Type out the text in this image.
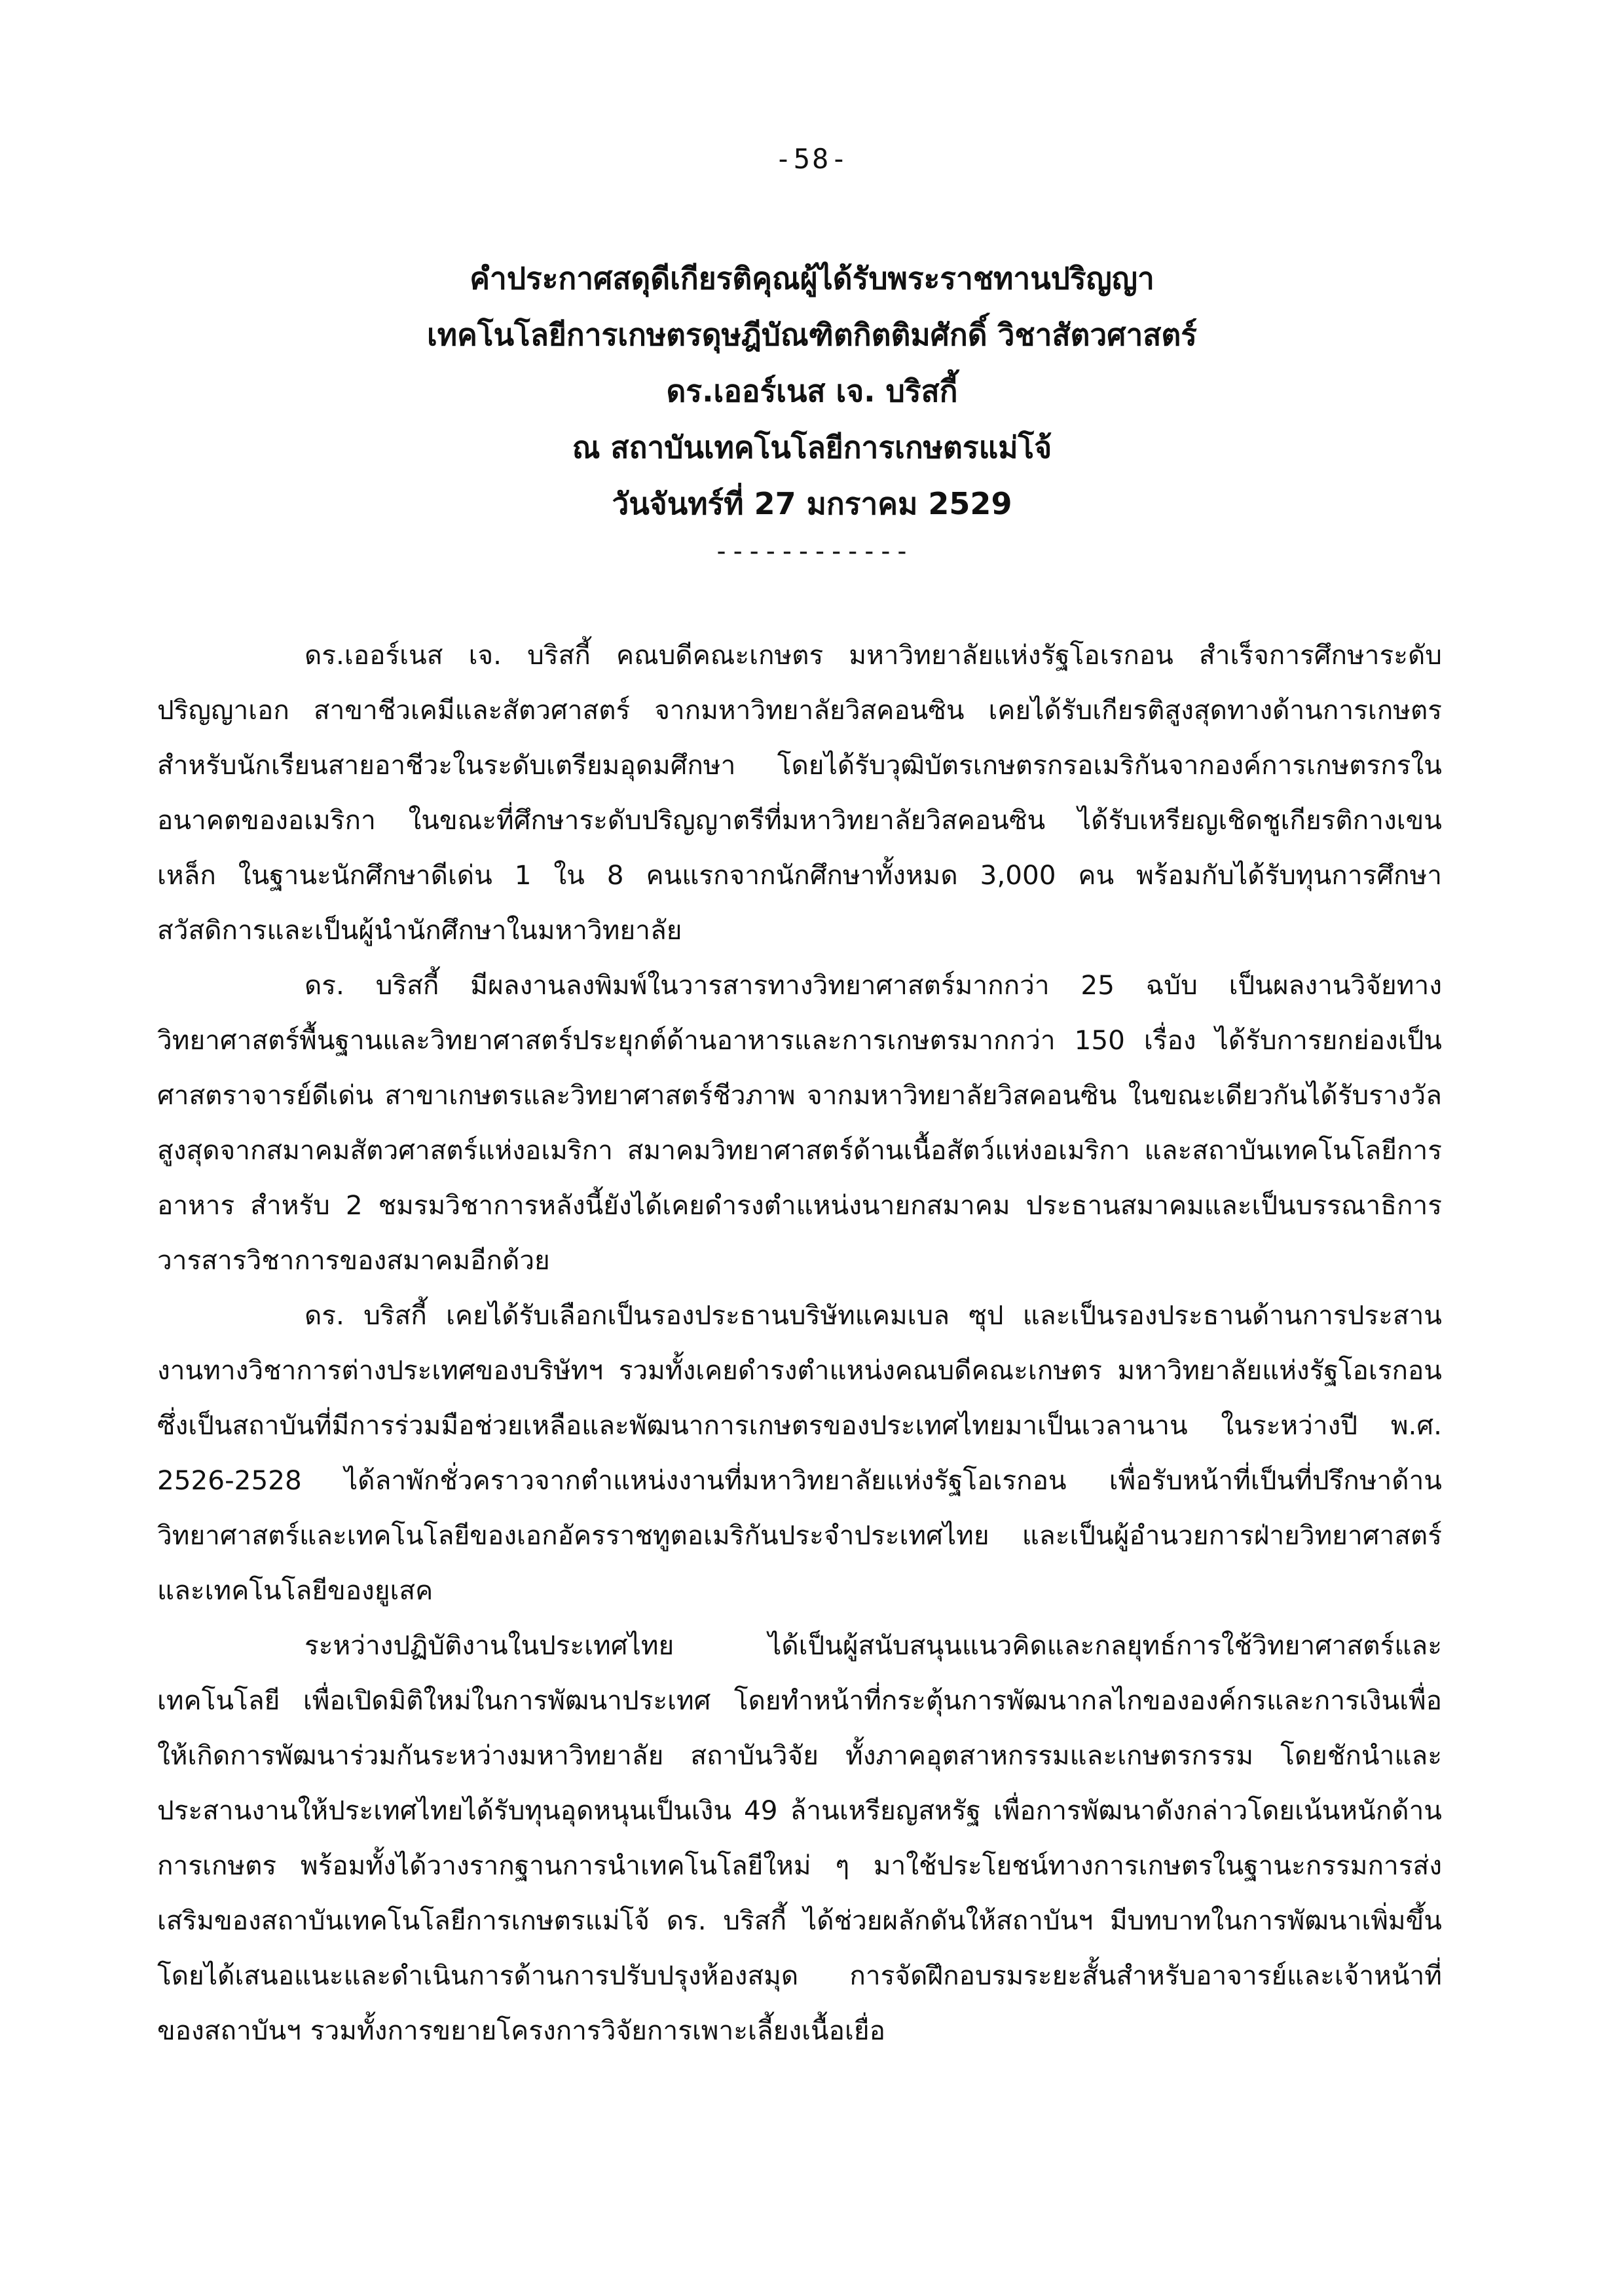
-58-
คำประกาศสดุดีเกียรติคุณผู้ได้รับพระราชทานปริญญา
เทคโนโลยีการเกษตรดุษฎีบัณฑิตกิตติมศักดิ์ วิชาสัตวศาสตร์
ดร.เออร์เนส เจ. บริสกี้
ณ สถาบันเทคโนโลยีการเกษตรแม่โจ้
วันจันทร์ที่ 27 มกราคม 2529
------------

ดร.เออร์เนส เจ. บริสกี้ คณบดีคณะเกษตร มหาวิทยาลัยแห่งรัฐโอเรกอน สำเร็จการศึกษาระดับปริญญาเอก สาขาชีวเคมีและสัตวศาสตร์ จากมหาวิทยาลัยวิสคอนซิน เคยได้รับเกียรติสูงสุดทางด้านการเกษตรสำหรับนักเรียนสายอาชีวะในระดับเตรียมอุดมศึกษา โดยได้รับวุฒิบัตรเกษตรกรอเมริกันจากองค์การเกษตรกรในอนาคตของอเมริกา ในขณะที่ศึกษาระดับปริญญาตรีที่มหาวิทยาลัยวิสคอนซิน ได้รับเหรียญเชิดชูเกียรติกางเขนเหล็ก ในฐานะนักศึกษาดีเด่น 1 ใน 8 คนแรกจากนักศึกษาทั้งหมด 3,000 คน พร้อมกับได้รับทุนการศึกษาสวัสดิการและเป็นผู้นำนักศึกษาในมหาวิทยาลัย

ดร. บริสกี้ มีผลงานลงพิมพ์ในวารสารทางวิทยาศาสตร์มากกว่า 25 ฉบับ เป็นผลงานวิจัยทางวิทยาศาสตร์พื้นฐานและวิทยาศาสตร์ประยุกต์ด้านอาหารและการเกษตรมากกว่า 150 เรื่อง ได้รับการยกย่องเป็นศาสตราจารย์ดีเด่น สาขาเกษตรและวิทยาศาสตร์ชีวภาพ จากมหาวิทยาลัยวิสคอนซิน ในขณะเดียวกันได้รับรางวัลสูงสุดจากสมาคมสัตวศาสตร์แห่งอเมริกา สมาคมวิทยาศาสตร์ด้านเนื้อสัตว์แห่งอเมริกา และสถาบันเทคโนโลยีการอาหาร สำหรับ 2 ชมรมวิชาการหลังนี้ยังได้เคยดำรงตำแหน่งนายกสมาคม ประธานสมาคมและเป็นบรรณาธิการวารสารวิชาการของสมาคมอีกด้วย

ดร. บริสกี้ เคยได้รับเลือกเป็นรองประธานบริษัทแคมเบล ซุป และเป็นรองประธานด้านการประสานงานทางวิชาการต่างประเทศของบริษัทฯ รวมทั้งเคยดำรงตำแหน่งคณบดีคณะเกษตร มหาวิทยาลัยแห่งรัฐโอเรกอน ซึ่งเป็นสถาบันที่มีการร่วมมือช่วยเหลือและพัฒนาการเกษตรของประเทศไทยมาเป็นเวลานาน ในระหว่างปี พ.ศ. 2526-2528 ได้ลาพักชั่วคราวจากตำแหน่งงานที่มหาวิทยาลัยแห่งรัฐโอเรกอน เพื่อรับหน้าที่เป็นที่ปรึกษาด้านวิทยาศาสตร์และเทคโนโลยีของเอกอัครราชทูตอเมริกันประจำประเทศไทย และเป็นผู้อำนวยการฝ่ายวิทยาศาสตร์และเทคโนโลยีของยูเสค

ระหว่างปฏิบัติงานในประเทศไทย ได้เป็นผู้สนับสนุนแนวคิดและกลยุทธ์การใช้วิทยาศาสตร์และเทคโนโลยี เพื่อเปิดมิติใหม่ในการพัฒนาประเทศ โดยทำหน้าที่กระตุ้นการพัฒนากลไกขององค์กรและการเงินเพื่อให้เกิดการพัฒนาร่วมกันระหว่างมหาวิทยาลัย สถาบันวิจัย ทั้งภาคอุตสาหกรรมและเกษตรกรรม โดยชักนำและประสานงานให้ประเทศไทยได้รับทุนอุดหนุนเป็นเงิน 49 ล้านเหรียญสหรัฐ เพื่อการพัฒนาดังกล่าวโดยเน้นหนักด้านการเกษตร พร้อมทั้งได้วางรากฐานการนำเทคโนโลยีใหม่ ๆ มาใช้ประโยชน์ทางการเกษตรในฐานะกรรมการส่งเสริมของสถาบันเทคโนโลยีการเกษตรแม่โจ้ ดร. บริสกี้ ได้ช่วยผลักดันให้สถาบันฯ มีบทบาทในการพัฒนาเพิ่มขึ้น โดยได้เสนอแนะและดำเนินการด้านการปรับปรุงห้องสมุด การจัดฝึกอบรมระยะสั้นสำหรับอาจารย์และเจ้าหน้าที่ของสถาบันฯ รวมทั้งการขยายโครงการวิจัยการเพาะเลี้ยงเนื้อเยื่อ
